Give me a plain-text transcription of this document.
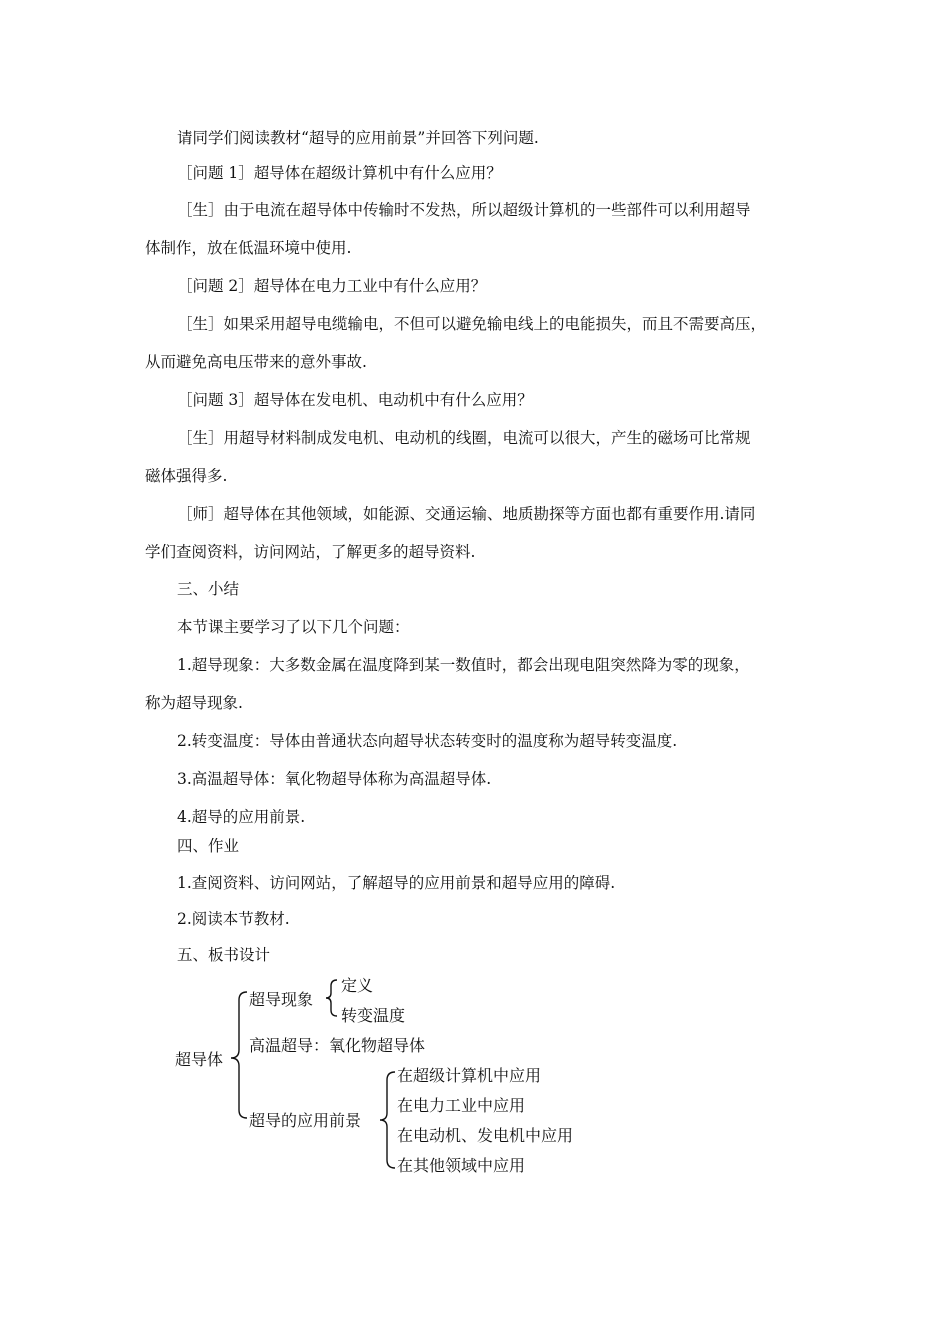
请同学们阅读教材“超导的应用前景”并回答下列问题.
［问题 1］超导体在超级计算机中有什么应用？
［生］由于电流在超导体中传输时不发热，所以超级计算机的一些部件可以利用超导
体制作，放在低温环境中使用.
［问题 2］超导体在电力工业中有什么应用？
［生］如果采用超导电缆输电，不但可以避免输电线上的电能损失，而且不需要高压，
从而避免高电压带来的意外事故.
［问题 3］超导体在发电机、电动机中有什么应用？
［生］用超导材料制成发电机、电动机的线圈，电流可以很大，产生的磁场可比常规
磁体强得多.
［师］超导体在其他领域，如能源、交通运输、地质勘探等方面也都有重要作用.请同
学们查阅资料，访问网站，了解更多的超导资料.
三、小结
本节课主要学习了以下几个问题：
1.超导现象：大多数金属在温度降到某一数值时，都会出现电阻突然降为零的现象，
称为超导现象.
2.转变温度：导体由普通状态向超导状态转变时的温度称为超导转变温度.
3.高温超导体：氧化物超导体称为高温超导体.
4.超导的应用前景.
四、作业
1.查阅资料、访问网站，了解超导的应用前景和超导应用的障碍.
2.阅读本节教材.
五、板书设计
超导体
超导现象
定义
转变温度
高温超导：氧化物超导体
超导的应用前景
在超级计算机中应用
在电力工业中应用
在电动机、发电机中应用
在其他领域中应用
